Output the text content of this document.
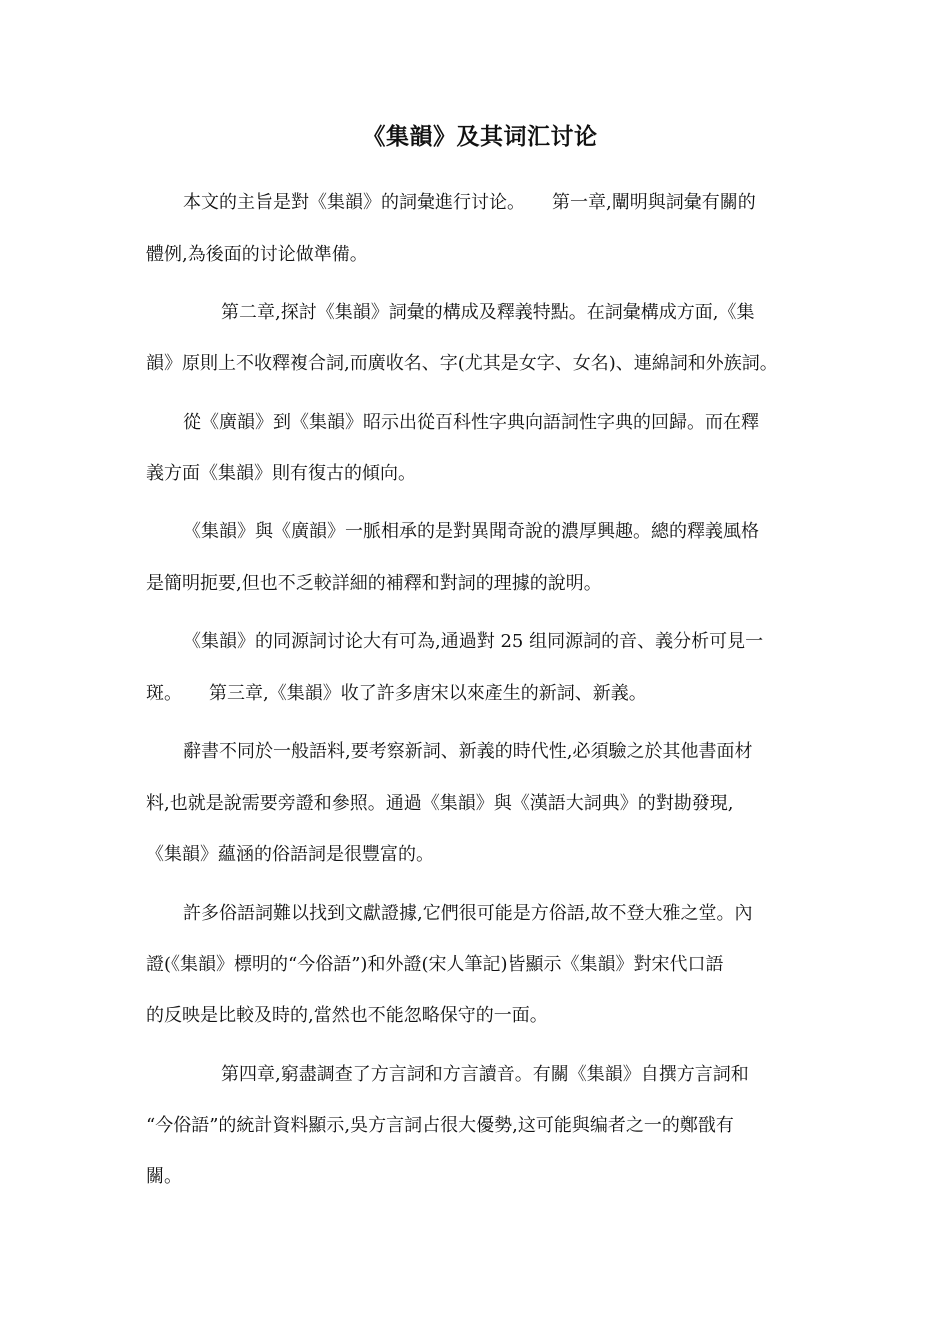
《集韻》及其词汇讨论
本文的主旨是對《集韻》的詞彙進行讨论。　　第一章,闡明與詞彙有關的
體例,為後面的讨论做準備。
第二章,探討《集韻》詞彙的構成及釋義特點。在詞彙構成方面,《集
韻》原則上不收釋複合詞,而廣收名、字(尤其是女字、女名)、連綿詞和外族詞。
從《廣韻》到《集韻》昭示出從百科性字典向語詞性字典的回歸。而在釋
義方面《集韻》則有復古的傾向。
《集韻》與《廣韻》一脈相承的是對異聞奇說的濃厚興趣。總的釋義風格
是簡明扼要,但也不乏較詳細的補釋和對詞的理據的說明。
《集韻》的同源詞讨论大有可為,通過對 25 组同源詞的音、義分析可見一
斑。　　第三章,《集韻》收了許多唐宋以來產生的新詞、新義。
辭書不同於一般語料,要考察新詞、新義的時代性,必須驗之於其他書面材
料,也就是說需要旁證和參照。通過《集韻》與《漢語大詞典》的對勘發現,
《集韻》蘊涵的俗語詞是很豐富的。
許多俗語詞難以找到文獻證據,它們很可能是方俗語,故不登大雅之堂。內
證(《集韻》標明的“今俗語”)和外證(宋人筆記)皆顯示《集韻》對宋代口語
的反映是比較及時的,當然也不能忽略保守的一面。
第四章,窮盡調查了方言詞和方言讀音。有關《集韻》自撰方言詞和
“今俗語”的統計資料顯示,吳方言詞占很大優勢,这可能與编者之一的鄭戩有
關。
